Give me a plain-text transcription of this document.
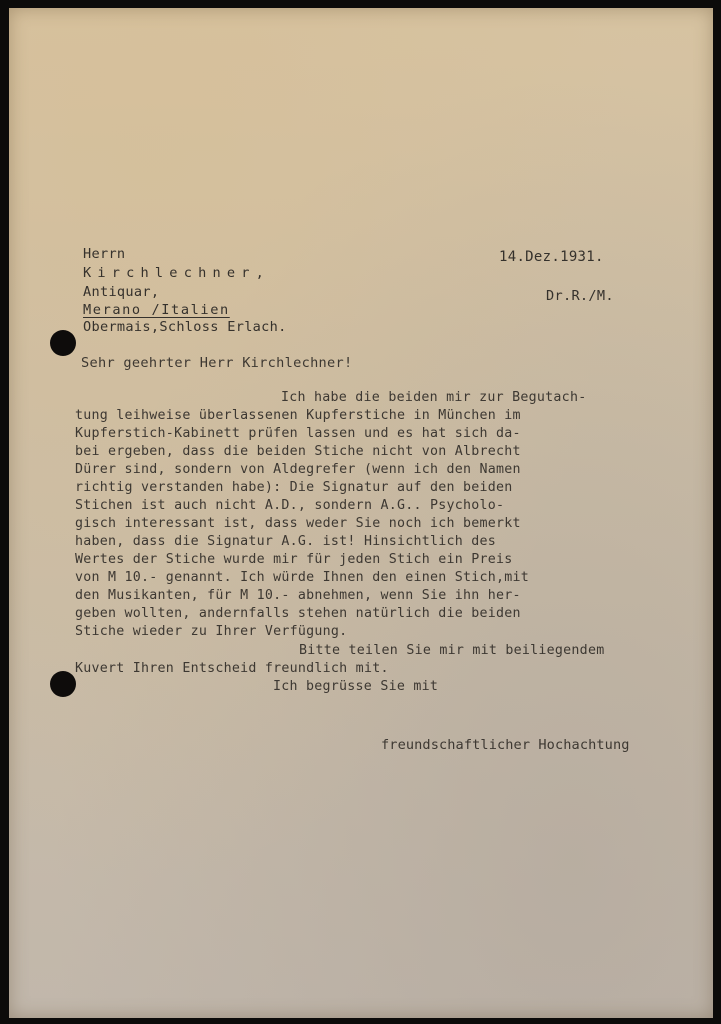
Herrn
Kirchlechner,
Antiquar,
Merano /Italien
Obermais,Schloss Erlach.
14.Dez.1931.
Dr.R./M.
Sehr geehrter Herr Kirchlechner!
Ich habe die beiden mir zur Begutach-
tung leihweise überlassenen Kupferstiche in München im
Kupferstich-Kabinett prüfen lassen und es hat sich da-
bei ergeben, dass die beiden Stiche nicht von Albrecht
Dürer sind, sondern von Aldegrefer (wenn ich den Namen
richtig verstanden habe): Die Signatur auf den beiden
Stichen ist auch nicht A.D., sondern A.G.. Psycholo-
gisch interessant ist, dass weder Sie noch ich bemerkt
haben, dass die Signatur A.G. ist! Hinsichtlich des
Wertes der Stiche wurde mir für jeden Stich ein Preis
von M 10.- genannt. Ich würde Ihnen den einen Stich,mit
den Musikanten, für M 10.- abnehmen, wenn Sie ihn her-
geben wollten, andernfalls stehen natürlich die beiden
Stiche wieder zu Ihrer Verfügung.
Bitte teilen Sie mir mit beiliegendem
Kuvert Ihren Entscheid freundlich mit.
Ich begrüsse Sie mit
freundschaftlicher Hochachtung
